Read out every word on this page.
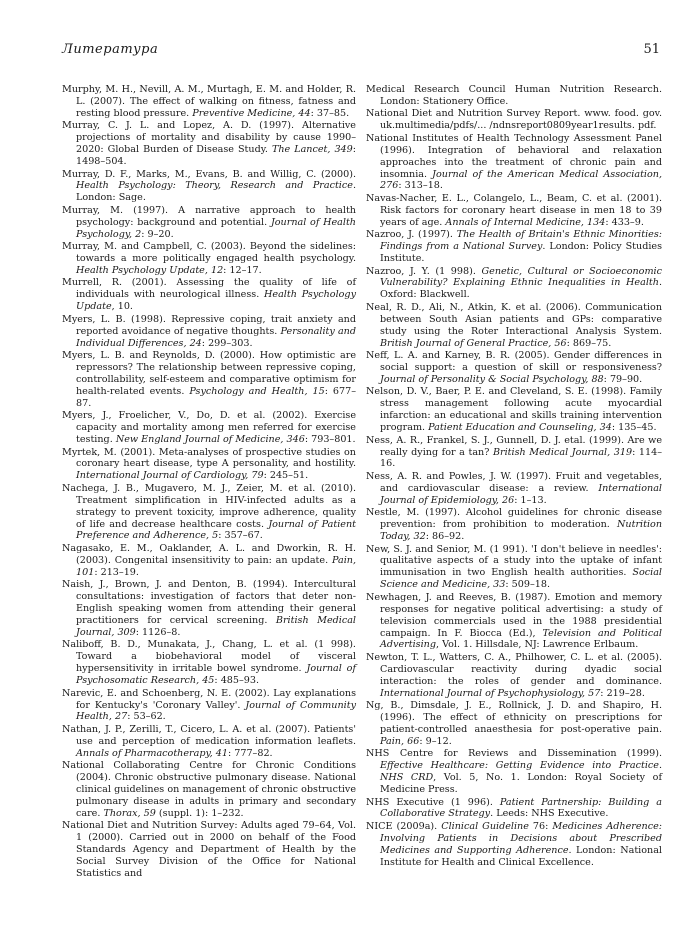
Литература	51

Murphy, M. H., Nevill, A. M., Murtagh, E. M. and Holder, R. L. (2007). The effect of walking on fitness, fatness and resting blood pressure. Preventive Medicine, 44: 37–85.

Murray, C. J. L. and Lopez, A. D. (1997). Alternative projections of mortality and disability by cause 1990–2020: Global Burden of Disease Study. The Lancet, 349: 1498–504.

Murray, D. F., Marks, M., Evans, B. and Willig, C. (2000). Health Psychology: Theory, Research and Practice. London: Sage.

Murray, M. (1997). A narrative approach to health psychology: background and potential. Journal of Health Psychology, 2: 9–20.

Murray, M. and Campbell, C. (2003). Beyond the sidelines: towards a more politically engaged health psychology. Health Psychology Update, 12: 12–17.

Murrell, R. (2001). Assessing the quality of life of individuals with neurological illness. Health Psychology Update, 10.

Myers, L. B. (1998). Repressive coping, trait anxiety and reported avoidance of negative thoughts. Personality and Individual Differences, 24: 299–303.

Myers, L. B. and Reynolds, D. (2000). How optimistic are repressors? The relationship between repressive coping, controllability, self-esteem and comparative optimism for health-related events. Psychology and Health, 15: 677–87.

Myers, J., Froelicher, V., Do, D. et al. (2002). Exercise capacity and mortality among men referred for exercise testing. New England Journal of Medicine, 346: 793–801.

Myrtek, M. (2001). Meta-analyses of prospective studies on coronary heart disease, type A personality, and hostility. International Journal of Cardiology, 79: 245–51.

Nachega, J. B., Mugavero, M. J., Zeier, M. et al. (2010). Treatment simplification in HIV-infected adults as a strategy to prevent toxicity, improve adherence, quality of life and decrease healthcare costs. Journal of Patient Preference and Adherence, 5: 357–67.

Nagasako, E. M., Oaklander, A. L. and Dworkin, R. H. (2003). Congenital insensitivity to pain: an update. Pain, 101: 213–19.

Naish, J., Brown, J. and Denton, B. (1994). Intercultural consultations: investigation of factors that deter non-English speaking women from attending their general practitioners for cervical screening. British Medical Journal, 309: 1126–8.

Naliboff, B. D., Munakata, J., Chang, L. et al. (1 998). Toward a biobehavioral model of visceral hypersensitivity in irritable bowel syndrome. Journal of Psychosomatic Research, 45: 485–93.

Narevic, E. and Schoenberg, N. E. (2002). Lay explanations for Kentucky's 'Coronary Valley'. Journal of Community Health, 27: 53–62.

Nathan, J. P., Zerilli, T., Cicero, L. A. et al. (2007). Patients' use and perception of medication information leaflets. Annals of Pharmacotherapy, 41: 777–82.

National Collaborating Centre for Chronic Conditions (2004). Chronic obstructive pulmonary disease. National clinical guidelines on management of chronic obstructive pulmonary disease in adults in primary and secondary care. Thorax, 59 (suppl. 1): 1–232.

National Diet and Nutrition Survey: Adults aged 79–64, Vol. 1 (2000). Carried out in 2000 on behalf of the Food Standards Agency and Department of Health by the Social Survey Division of the Office for National Statistics and

Medical Research Council Human Nutrition Research. London: Stationery Office.

National Diet and Nutrition Survey Report. www. food. gov. uk.multimedia/pdfs/... /ndnsreport0809year1results. pdf.

National Institutes of Health Technology Assessment Panel (1996). Integration of behavioral and relaxation approaches into the treatment of chronic pain and insomnia. Journal of the American Medical Association, 276: 313–18.

Navas-Nacher, E. L., Colangelo, L., Beam, C. et al. (2001). Risk factors for coronary heart disease in men 18 to 39 years of age. Annals of Internal Medicine, 134: 433–9.

Nazroo, J. (1997). The Health of Britain's Ethnic Minorities: Findings from a National Survey. London: Policy Studies Institute.

Nazroo, J. Y. (1 998). Genetic, Cultural or Socioeconomic Vulnerability? Explaining Ethnic Inequalities in Health. Oxford: Blackwell.

Neal, R. D., Ali, N., Atkin, K. et al. (2006). Communication between South Asian patients and GPs: comparative study using the Roter Interactional Analysis System. British Journal of General Practice, 56: 869–75.

Neff, L. A. and Karney, B. R. (2005). Gender differences in social support: a question of skill or responsiveness? Journal of Personality & Social Psychology, 88: 79–90.

Nelson, D. V., Baer, P. E. and Cleveland, S. E. (1998). Family stress management following acute myocardial infarction: an educational and skills training intervention program. Patient Education and Counseling, 34: 135–45.

Ness, A. R., Frankel, S. J., Gunnell, D. J. etal. (1999). Are we really dying for a tan? British Medical Journal, 319: 114–16.

Ness, A. R. and Powles, J. W. (1997). Fruit and vegetables, and cardiovascular disease: a review. International Journal of Epidemiology, 26: 1–13.

Nestle, M. (1997). Alcohol guidelines for chronic disease prevention: from prohibition to moderation. Nutrition Today, 32: 86–92.

New, S. J. and Senior, M. (1 991). 'I don't believe in needles': qualitative aspects of a study into the uptake of infant immunisation in two English health authorities. Social Science and Medicine, 33: 509–18.

Newhagen, J. and Reeves, B. (1987). Emotion and memory responses for negative political advertising: a study of television commercials used in the 1988 presidential campaign. In F. Biocca (Ed.), Television and Political Advertising, Vol. 1. Hillsdale, NJ: Lawrence Erlbaum.

Newton, T. L., Watters, C. A., Philhower, C. L. et al. (2005). Cardiovascular reactivity during dyadic social interaction: the roles of gender and dominance. International Journal of Psychophysiology, 57: 219–28.

Ng, B., Dimsdale, J. E., Rollnick, J. D. and Shapiro, H. (1996). The effect of ethnicity on prescriptions for patient-controlled anaesthesia for post-operative pain. Pain, 66: 9–12.

NHS Centre for Reviews and Dissemination (1999). Effective Healthcare: Getting Evidence into Practice. NHS CRD, Vol. 5, No. 1. London: Royal Society of Medicine Press.

NHS Executive (1 996). Patient Partnership: Building a Collaborative Strategy. Leeds: NHS Executive.

NICE (2009a). Clinical Guideline 76: Medicines Adherence: Involving Patients in Decisions about Prescribed Medicines and Supporting Adherence. London: National Institute for Health and Clinical Excellence.
